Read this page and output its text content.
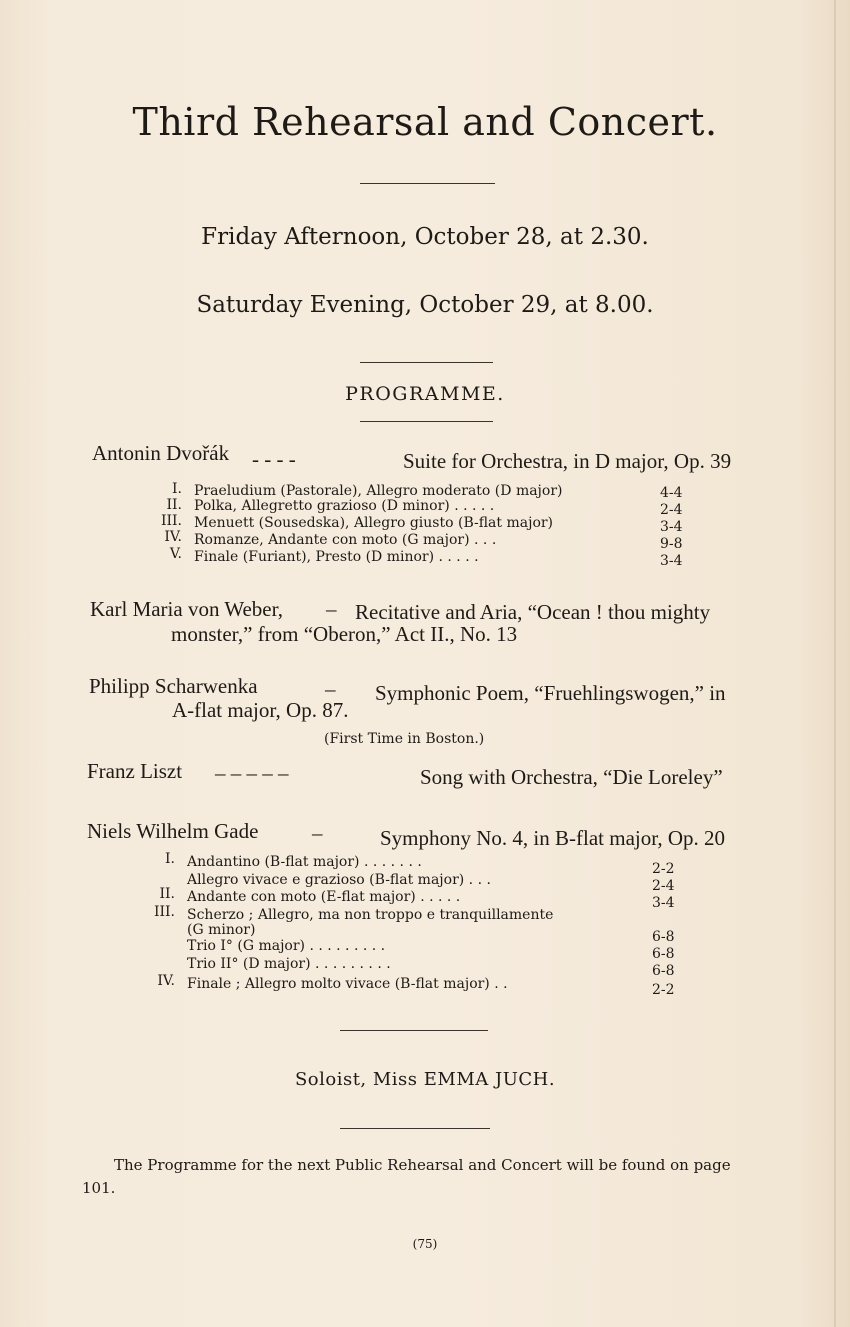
Third Rehearsal and Concert.
Friday Afternoon, October 28, at 2.30.
Saturday Evening, October 29, at 8.00.
PROGRAMME.
Antonin Dvořák - - - -	Suite for Orchestra, in D major, Op. 39
I. Praeludium (Pastorale), Allegro moderato (D major)	4-4
II. Polka, Allegretto grazioso (D minor) . . . . .	2-4
III. Menuett (Sousedska), Allegro giusto (B-flat major)	3-4
IV. Romanze, Andante con moto (G major) . . .	9-8
V. Finale (Furiant), Presto (D minor) . . . . .	3-4
Karl Maria von Weber, – Recitative and Aria, “Ocean ! thou mighty
monster,” from “Oberon,” Act II., No. 13
Philipp Scharwenka	– Symphonic Poem, “Fruehlingswogen,” in
A-flat major, Op. 87.
(First Time in Boston.)
Franz Liszt – – – – –	Song with Orchestra, “Die Loreley”
Niels Wilhelm Gade	–	Symphony No. 4, in B-flat major, Op. 20
I. Andantino (B-flat major) . . . . . . .	2-2
Allegro vivace e grazioso (B-flat major) . . .	2-4
II. Andante con moto (E-flat major) . . . . .	3-4
III. Scherzo ; Allegro, ma non troppo e tranquillamente
(G minor)	6-8
Trio I° (G major) . . . . . . . . .	6-8
Trio II° (D major) . . . . . . . . .	6-8
IV. Finale ; Allegro molto vivace (B-flat major) . .	2-2
Soloist, Miss EMMA JUCH.
The Programme for the next Public Rehearsal and Concert will be found on page 101.
(75)
